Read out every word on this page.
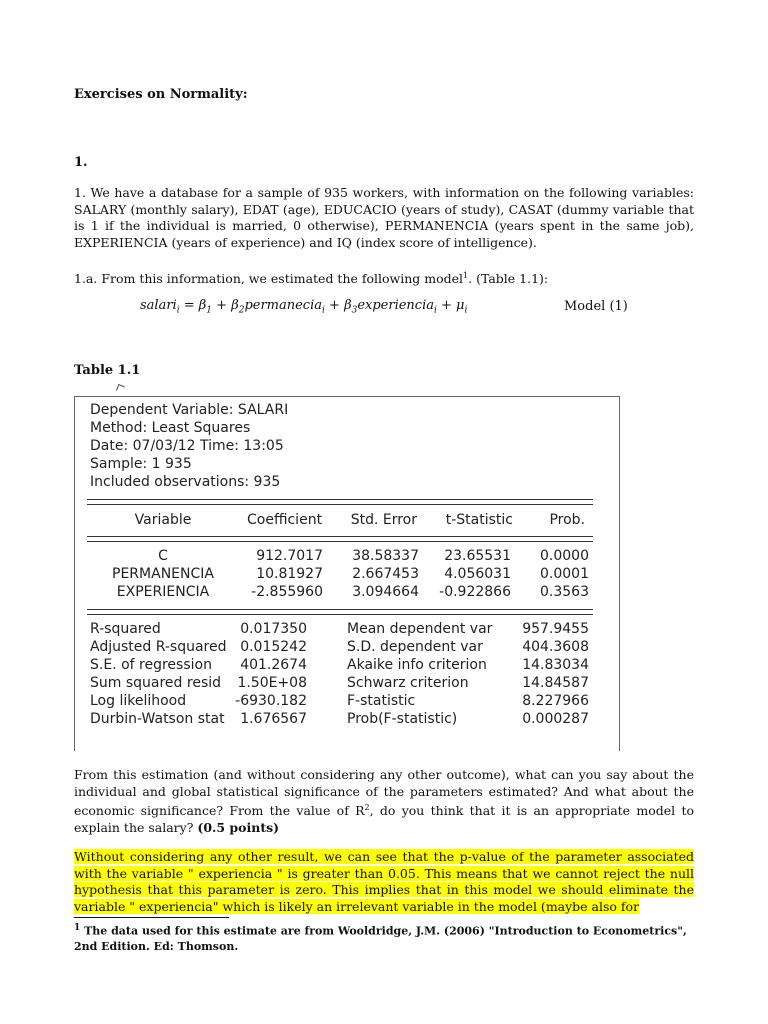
Exercises on Normality:
1.
1. We have a database for a sample of 935 workers, with information on the following variables: SALARY (monthly salary), EDAT (age), EDUCACIO (years of study), CASAT (dummy variable that is 1 if the individual is married, 0 otherwise), PERMANENCIA (years spent in the same job), EXPERIENCIA (years of experience) and IQ (index score of intelligence).
1.a. From this information, we estimated the following model$^1$. (Table 1.1):
salari$_i$ = $\beta_1$ + $\beta_2permanecia_i$ + $\beta_3experiencia_i + \mu_i$	Model (1)
Table 1.1
Dependent Variable: SALARI
Method: Least Squares
Date: 07/03/12 Time: 13:05
Sample: 1 935
Included observations: 935
Variable	Coefficient	Std. Error	t-Statistic	Prob.
C	912.7017	38.58337	23.65531	0.0000
PERMANENCIA	10.81927	2.667453	4.056031	0.0001
EXPERIENCIA	-2.855960	3.094664 -0.922866	0.3563
R-squared	0.017350	Mean dependent var	957.9455
Adjusted R-squared 0.015242	S.D. dependent var	404.3608
S.E. of regression	401.2674	Akaike info criterion	14.83034
Sum squared resid	1.50E+08	Schwarz criterion	14.84587
Log likelihood	-6930.182	F-statistic	8.227966
Durbin-Watson stat	1.676567	Prob(F-statistic)	0.000287
From this estimation (and without considering any other outcome), what can you say about the individual and global statistical significance of the parameters estimated? And what about the economic significance? From the value of $R^2$, do you think that it is an appropriate model to explain the salary? (0.5 points)
Without considering any other result, we can see that the p-value of the parameter associated with the variable " experiencia " is greater than 0.05. This means that we cannot reject the null hypothesis that this parameter is zero. This implies that in this model we should eliminate the variable " experiencia" which is likely an irrelevant variable in the model (maybe also for
$^1$ The data used for this estimate are from Wooldridge, J.M. (2006) "Introduction to Econometrics", 2nd Edition. Ed: Thomson.
